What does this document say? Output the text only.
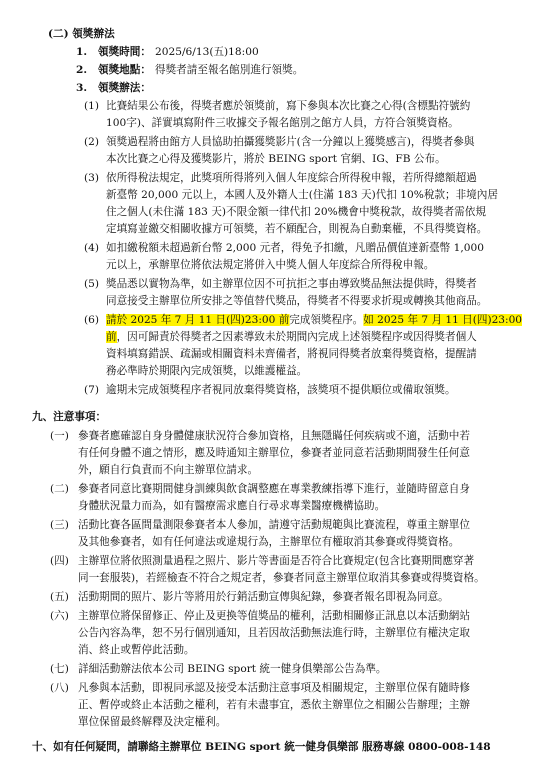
(二) 領獎辦法
1. 領獎時間： 2025/6/13(五)18:00
2. 領獎地點： 得獎者請至報名館別進行領獎。
3. 領獎辦法：
(1) 比賽結果公布後，得獎者應於領獎前，寫下參與本次比賽之心得(含標點符號約
100字)、詳實填寫附件三收據交予報名館別之館方人員，方符合領獎資格。
(2) 領獎過程將由館方人員協助拍攝獲獎影片(含一分鐘以上獲獎感言)，得獎者參與
本次比賽之心得及獲獎影片，將於 BEING sport 官網、IG、FB 公布。
(3) 依所得稅法規定，此獎項所得將列入個人年度綜合所得稅申報，若所得總額超過
新臺幣 20,000 元以上，本國人及外籍人士(住滿 183 天)代扣 10%稅款；非境內居
住之個人(未住滿 183 天)不限金額一律代扣 20%機會中獎稅款，故得獎者需依規
定填寫並繳交相關收據方可領獎，若不願配合，則視為自動棄權，不具得獎資格。
(4) 如扣繳稅額未超過新台幣 2,000 元者，得免予扣繳，凡贈品價值達新臺幣 1,000
元以上，承辦單位將依法規定將併入中獎人個人年度綜合所得稅申報。
(5) 獎品悉以實物為準，如主辦單位因不可抗拒之事由導致獎品無法提供時，得獎者
同意接受主辦單位所安排之等值替代獎品，得獎者不得要求折現或轉換其他商品。
(6) 請於 2025 年 7 月 11 日(四)23:00 前完成領獎程序。如 2025 年 7 月 11 日(四)23:00
前，因可歸責於得獎者之因素導致未於期間內完成上述領獎程序或因得獎者個人
資料填寫錯誤、疏漏或相關資料未齊備者，將視同得獎者放棄得獎資格，提醒請
務必準時於期限內完成領獎，以維護權益。
(7) 逾期未完成領獎程序者視同放棄得獎資格，該獎項不提供順位或備取領獎。
九、注意事項：
(一) 參賽者應確認自身身體健康狀況符合參加資格，且無隱瞞任何疾病或不適，活動中若
有任何身體不適之情形，應及時通知主辦單位，參賽者並同意若活動期間發生任何意
外，願自行負責而不向主辦單位請求。
(二) 參賽者同意比賽期間健身訓練與飲食調整應在專業教練指導下進行，並隨時留意自身
身體狀況量力而為，如有醫療需求應自行尋求專業醫療機構協助。
(三) 活動比賽各區間量測限參賽者本人參加，請遵守活動規範與比賽流程，尊重主辦單位
及其他參賽者，如有任何違法或違規行為，主辦單位有權取消其參賽或得獎資格。
(四) 主辦單位將依照測量過程之照片、影片等書面是否符合比賽規定(包含比賽期間應穿著
同一套服裝)，若經檢查不符合之規定者，參賽者同意主辦單位取消其參賽或得獎資格。
(五) 活動期間的照片、影片等將用於行銷活動宣傳與紀錄，參賽者報名即視為同意。
(六) 主辦單位將保留修正、停止及更換等值獎品的權利，活動相關修正訊息以本活動網站
公告內容為準，恕不另行個別通知，且若因故活動無法進行時，主辦單位有權決定取
消、終止或暫停此活動。
(七) 詳細活動辦法依本公司 BEING sport 統一健身俱樂部公告為準。
(八) 凡參與本活動，即視同承認及接受本活動注意事項及相關規定，主辦單位保有隨時修
正、暫停或終止本活動之權利，若有未盡事宜，悉依主辦單位之相關公告辦理；主辦
單位保留最終解釋及決定權利。
十、如有任何疑問，請聯絡主辦單位 BEING sport 統一健身俱樂部 服務專線 0800-008-148
